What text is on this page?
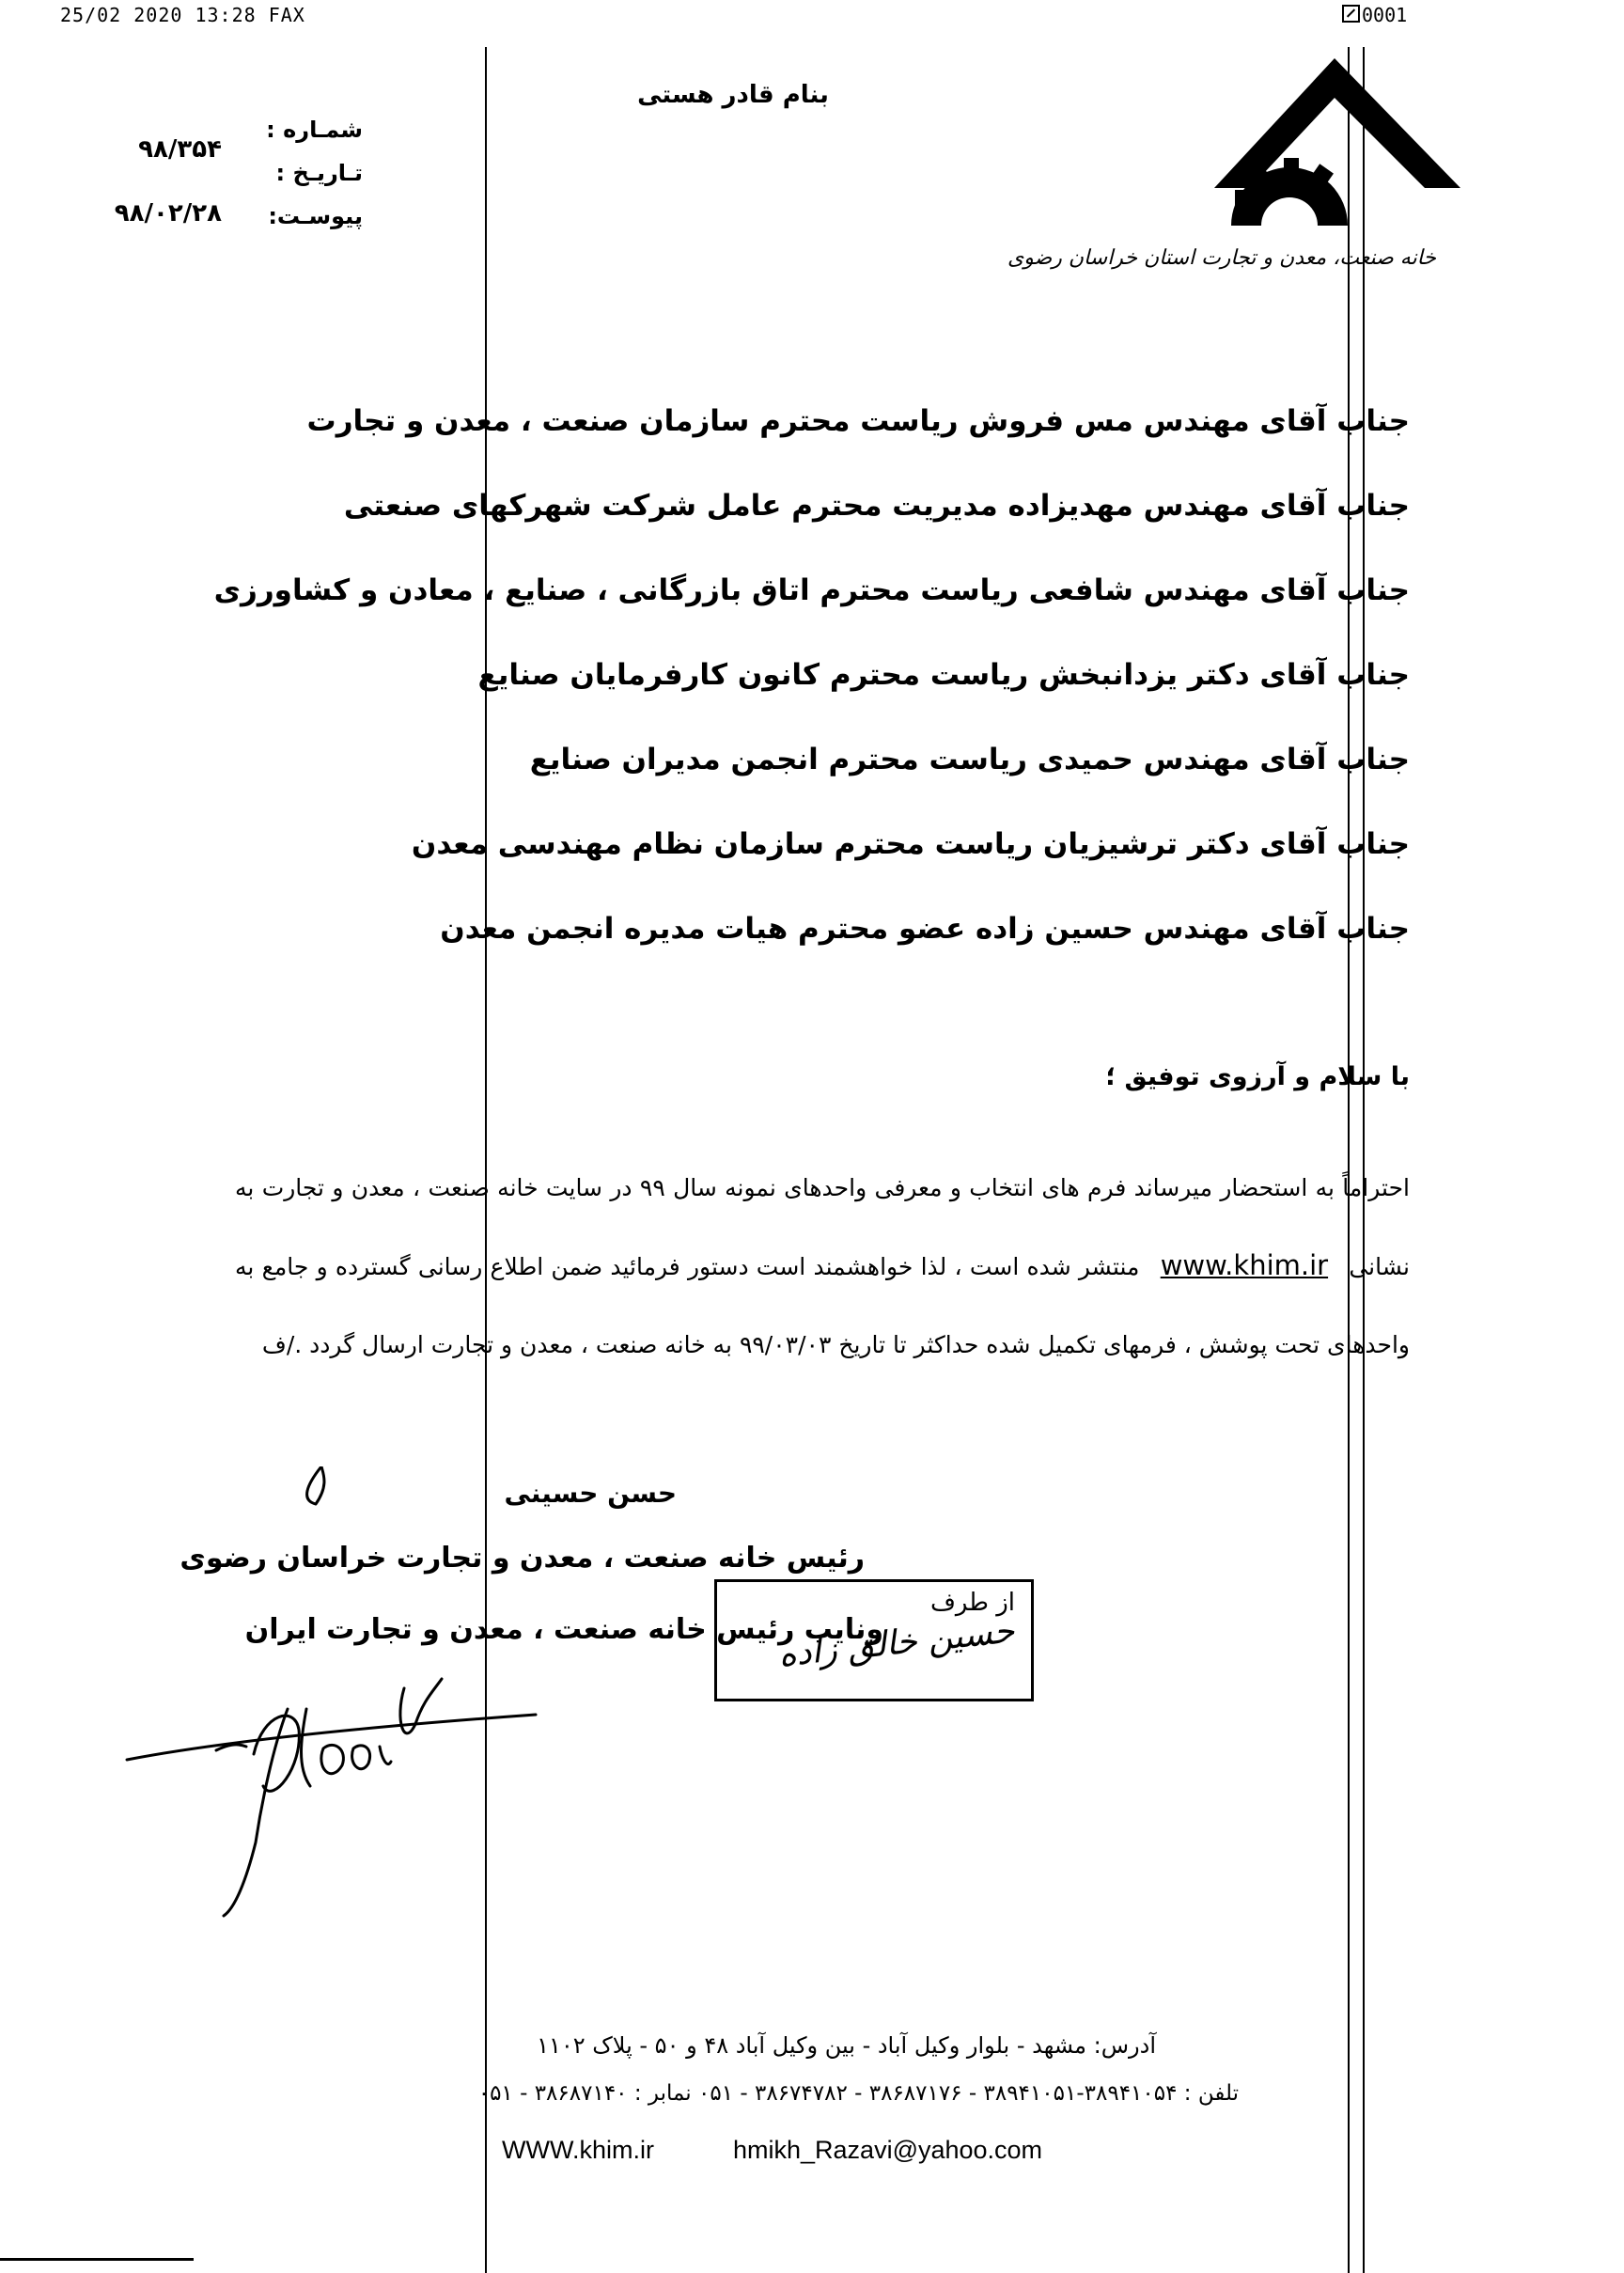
25/02 2020 13:28 FAX	0001
بنام قادر هستی
شمـاره :
۹۸/۳۵۴
تـاریـخ :
پیوسـت:
۹۸/۰۲/۲۸
خانه صنعت، معدن و تجارت استان خراسان رضوی
جناب آقای مهندس مس فروش ریاست محترم سازمان صنعت ، معدن و تجارت
جناب آقای مهندس مهدیزاده مدیریت محترم عامل شرکت شهرکهای صنعتی
جناب آقای مهندس شافعی ریاست محترم اتاق بازرگانی ، صنایع ، معادن و کشاورزی
جناب آقای دکتر یزدانبخش ریاست محترم کانون کارفرمایان صنایع
جناب آقای مهندس حمیدی ریاست محترم انجمن مدیران صنایع
جناب آقای دکتر ترشیزیان ریاست محترم سازمان نظام مهندسی معدن
جناب آقای مهندس حسین زاده عضو محترم هیات مدیره انجمن معدن
با سلام و آرزوی توفیق ؛
احتراماً به استحضار میرساند فرم های انتخاب و معرفی واحدهای نمونه سال ۹۹ در سایت خانه صنعت ، معدن و تجارت به نشانی www.khim.ir منتشر شده است ، لذا خواهشمند است دستور فرمائید ضمن اطلاع رسانی گسترده و جامع به واحدهای تحت پوشش ، فرمهای تکمیل شده حداکثر تا تاریخ ۹۹/۰۳/۰۳ به خانه صنعت ، معدن و تجارت ارسال گردد ./ف
حسن حسینی
رئیس خانه صنعت ، معدن و تجارت خراسان رضوی
ونایب رئیس خانه صنعت ، معدن و تجارت ایران
از طرف
حسین خالق زاده
آدرس: مشهد - بلوار وکیل آباد - بین وکیل آباد ۴۸ و ۵۰ - پلاک ۱۱۰۲
تلفن : ۳۸۹۴۱۰۵۴-۳۸۹۴۱۰۵۱ - ۳۸۶۸۷۱۷۶ - ۳۸۶۷۴۷۸۲ - ۰۵۱ نمابر : ۳۸۶۸۷۱۴۰ - ۰۵۱
WWW.khim.ir	hmikh_Razavi@yahoo.com
